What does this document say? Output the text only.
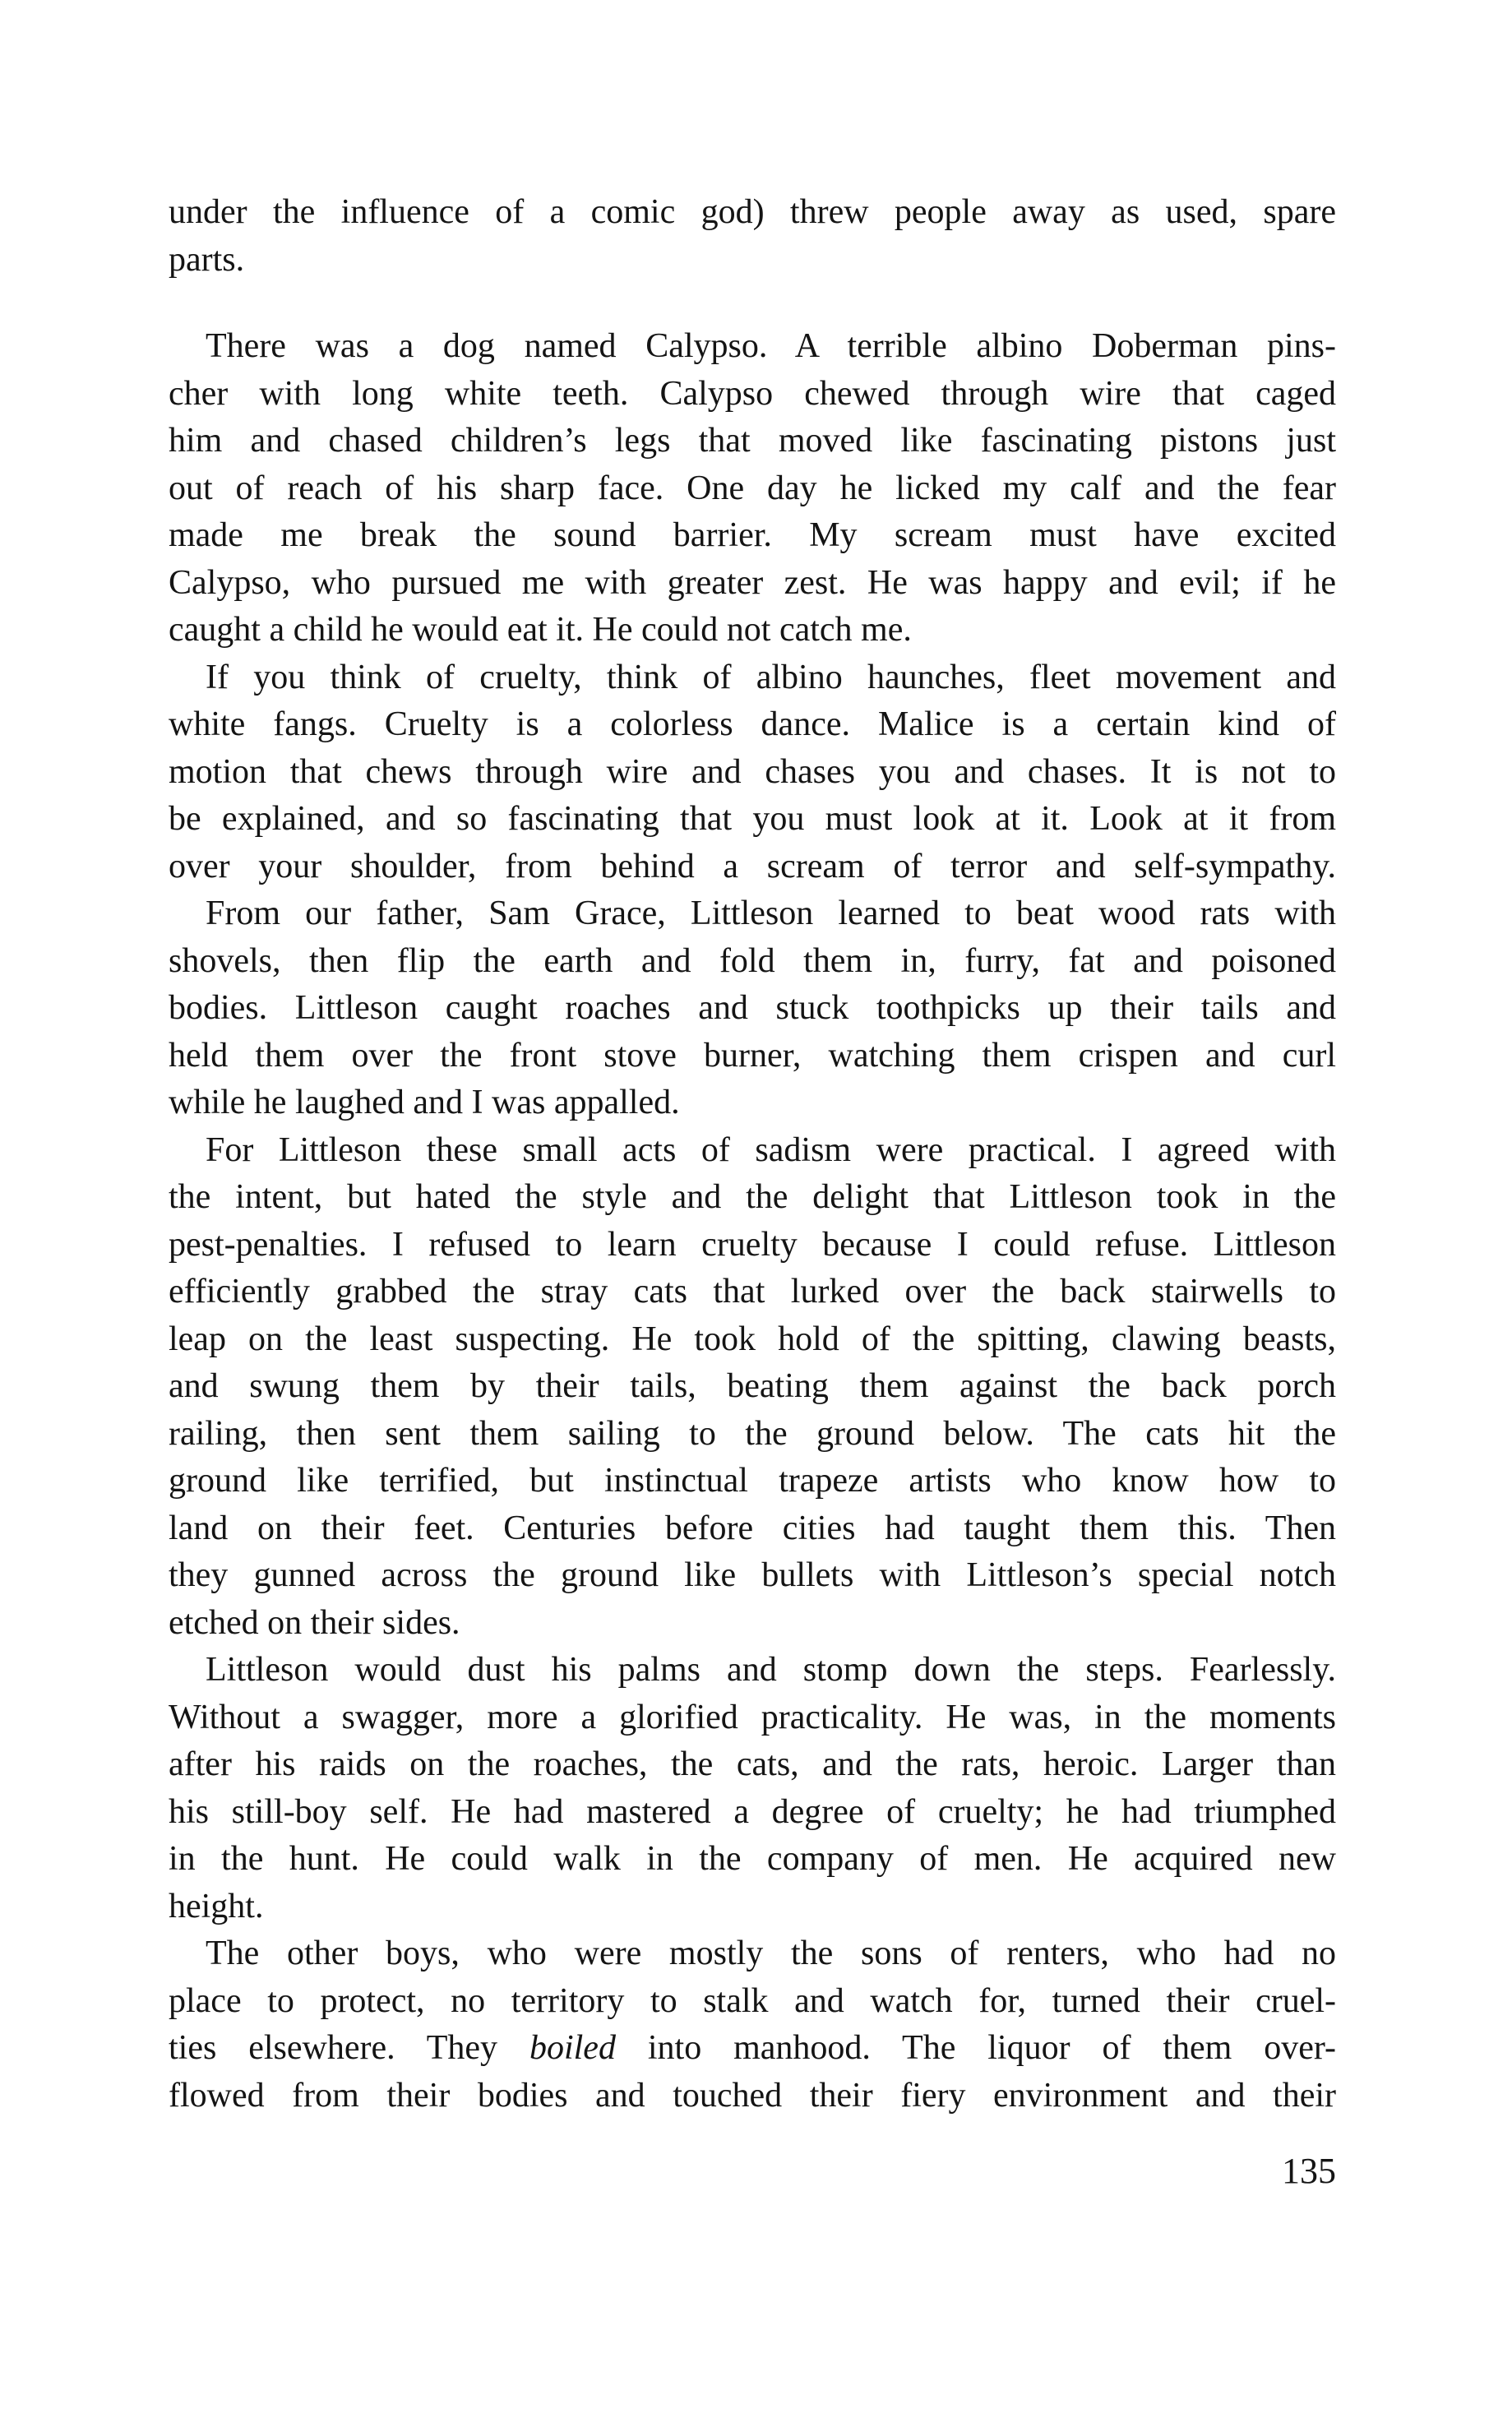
under the influence of a comic god) threw people away as used, spare
parts.
There was a dog named Calypso. A terrible albino Doberman pins-
cher with long white teeth. Calypso chewed through wire that caged
him and chased children’s legs that moved like fascinating pistons just
out of reach of his sharp face. One day he licked my calf and the fear
made me break the sound barrier. My scream must have excited
Calypso, who pursued me with greater zest. He was happy and evil; if he
caught a child he would eat it. He could not catch me.
If you think of cruelty, think of albino haunches, fleet movement and
white fangs. Cruelty is a colorless dance. Malice is a certain kind of
motion that chews through wire and chases you and chases. It is not to
be explained, and so fascinating that you must look at it. Look at it from
over your shoulder, from behind a scream of terror and self-sympathy.
From our father, Sam Grace, Littleson learned to beat wood rats with
shovels, then flip the earth and fold them in, furry, fat and poisoned
bodies. Littleson caught roaches and stuck toothpicks up their tails and
held them over the front stove burner, watching them crispen and curl
while he laughed and I was appalled.
For Littleson these small acts of sadism were practical. I agreed with
the intent, but hated the style and the delight that Littleson took in the
pest-penalties. I refused to learn cruelty because I could refuse. Littleson
efficiently grabbed the stray cats that lurked over the back stairwells to
leap on the least suspecting. He took hold of the spitting, clawing beasts,
and swung them by their tails, beating them against the back porch
railing, then sent them sailing to the ground below. The cats hit the
ground like terrified, but instinctual trapeze artists who know how to
land on their feet. Centuries before cities had taught them this. Then
they gunned across the ground like bullets with Littleson’s special notch
etched on their sides.
Littleson would dust his palms and stomp down the steps. Fearlessly.
Without a swagger, more a glorified practicality. He was, in the moments
after his raids on the roaches, the cats, and the rats, heroic. Larger than
his still-boy self. He had mastered a degree of cruelty; he had triumphed
in the hunt. He could walk in the company of men. He acquired new
height.
The other boys, who were mostly the sons of renters, who had no
place to protect, no territory to stalk and watch for, turned their cruel-
ties elsewhere. They boiled into manhood. The liquor of them over-
flowed from their bodies and touched their fiery environment and their
135
